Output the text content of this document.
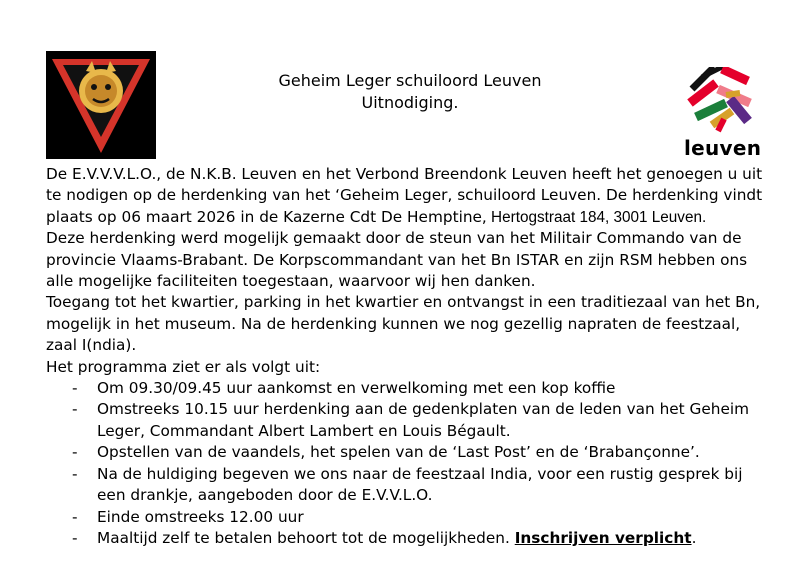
Geheim Leger schuiloord Leuven
Uitnodiging.
leuven

De E.V.V.V.L.O., de N.K.B. Leuven en het Verbond Breendonk Leuven heeft het genoegen u uit te nodigen op de herdenking van het ‘Geheim Leger, schuiloord Leuven. De herdenking vindt plaats op 06 maart 2026 in de Kazerne Cdt De Hemptine, Hertogstraat 184, 3001 Leuven.

Deze herdenking werd mogelijk gemaakt door de steun van het Militair Commando van de provincie Vlaams-Brabant. De Korpscommandant van het Bn ISTAR en zijn RSM hebben ons alle mogelijke faciliteiten toegestaan, waarvoor wij hen danken.

Toegang tot het kwartier, parking in het kwartier en ontvangst in een traditiezaal van het Bn, mogelijk in het museum. Na de herdenking kunnen we nog gezellig napraten de feestzaal, zaal I(ndia).

Het programma ziet er als volgt uit:

- Om 09.30/09.45 uur aankomst en verwelkoming met een kop koffie
- Omstreeks 10.15 uur herdenking aan de gedenkplaten van de leden van het Geheim Leger, Commandant Albert Lambert en Louis Bégault.
- Opstellen van de vaandels, het spelen van de ‘Last Post’ en de ‘Brabançonne’.
- Na de huldiging begeven we ons naar de feestzaal India, voor een rustig gesprek bij een drankje, aangeboden door de E.V.V.L.O.
- Einde omstreeks 12.00 uur
- Maaltijd zelf te betalen behoort tot de mogelijkheden. Inschrijven verplicht.
